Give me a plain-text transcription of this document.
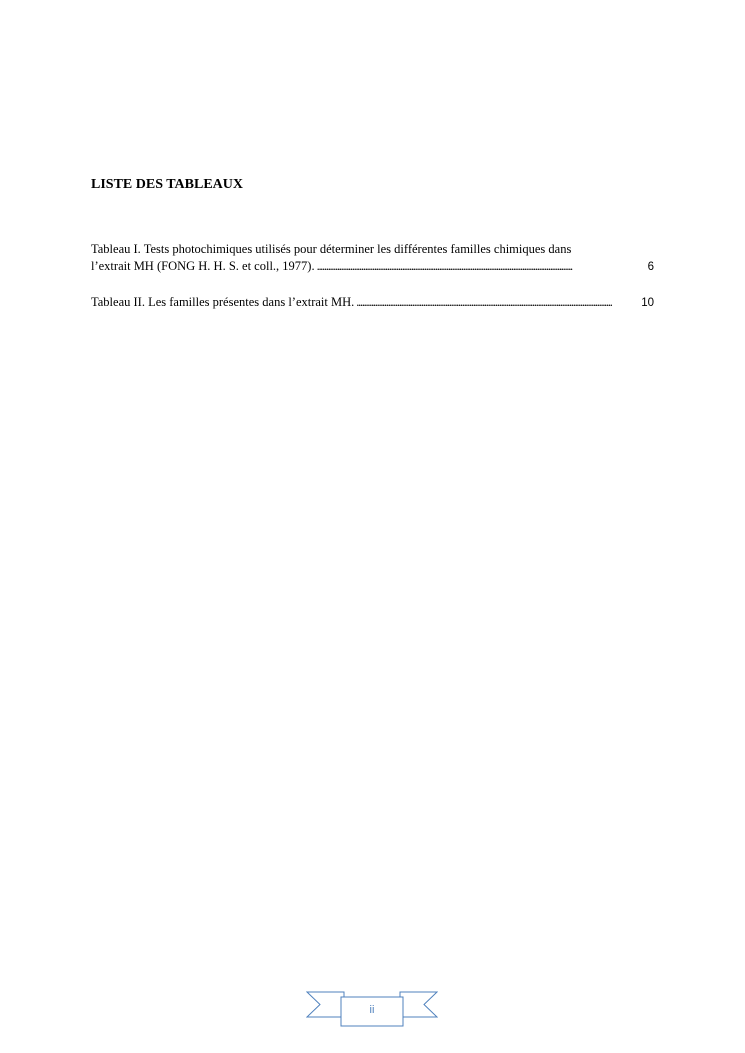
LISTE DES TABLEAUX
Tableau I. Tests photochimiques utilisés pour déterminer les différentes familles chimiques dans
l’extrait MH (FONG H. H. S. et coll., 1977). . . .	6
Tableau II. Les familles présentes dans l’extrait MH. . . .	10
ii
